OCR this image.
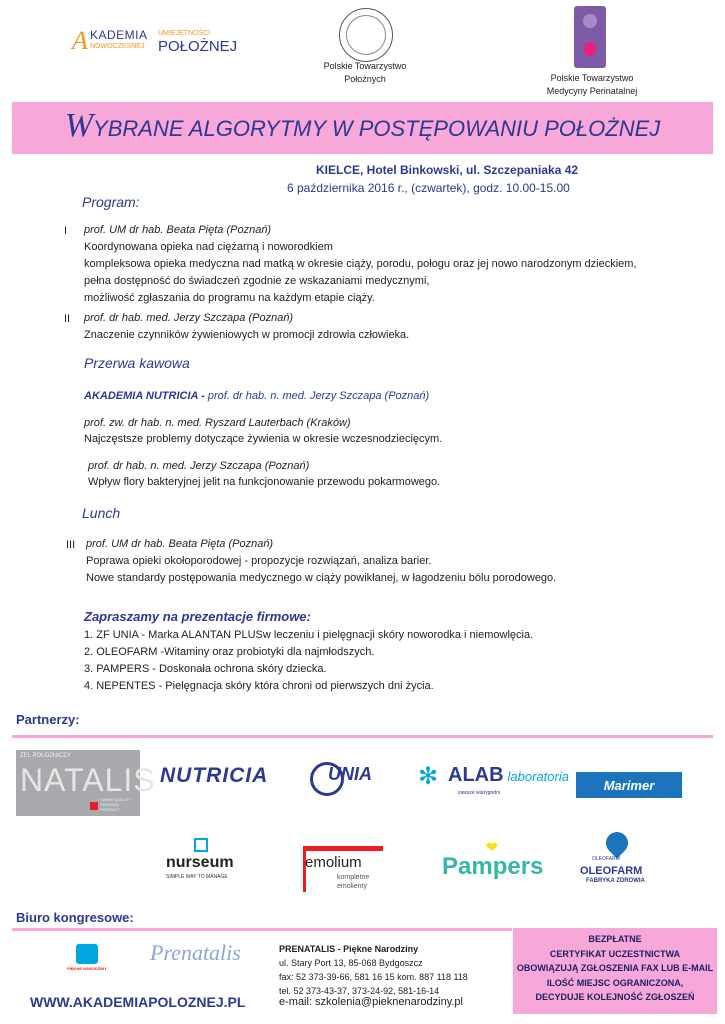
A KADEMIA UMIEJĘTNOŚCI
NOWOCZESNEJ POŁOŻNEJ
Polskie Towarzystwo
Położnych	Polskie Towarzystwo
Medycyny Perinatalnej
WYBRANE ALGORYTMY W POSTĘPOWANIU POŁOŻNEJ
KIELCE, Hotel Binkowski, ul. Szczepaniaka 42
6 października 2016 r., (czwartek), godz. 10.00-15.00
Program:
I prof. UM dr hab. Beata Pięta (Poznań)
Koordynowana opieka nad ciężarną i noworodkiem
kompleksowa opieka medyczna nad matką w okresie ciąży, porodu, połogu oraz jej nowo narodzonym dzieckiem,
pełna dostępność do świadczeń zgodnie ze wskazaniami medycznymi,
możliwość zgłaszania do programu na każdym etapie ciąży.
II prof. dr hab. med. Jerzy Szczapa (Poznań)
Znaczenie czynników żywieniowych w promocji zdrowia człowieka.
Przerwa kawowa
AKADEMIA NUTRICIA - prof. dr hab. n. med. Jerzy Szczapa (Poznań)
prof. zw. dr hab. n. med. Ryszard Lauterbach (Kraków)
Najczęstsze problemy dotyczące żywienia w okresie wczesnodziecięcym.
prof. dr hab. n. med. Jerzy Szczapa (Poznań)
Wpływ flory bakteryjnej jelit na funkcjonowanie przewodu pokarmowego.
Lunch
III prof. UM dr hab. Beata Pięta (Poznań)
Poprawa opieki okołoporodowej - propozycje rozwiązań, analiza barier.
Nowe standardy postępowania medycznego w ciąży powikłanej, w łagodzeniu bólu porodowego.
Zapraszamy na prezentacje firmowe:
1. ZF UNIA - Marka ALANTAN PLUSw leczeniu i pielęgnacji skóry noworodka i niemowlęcia.
2. OLEOFARM -Witaminy oraz probiotyki dla najmłodszych.
3. PAMPERS - Doskonała ochrona skóry dziecka.
4. NEPENTES - Pielęgnacja skóry która chroni od pierwszych dni życia.
Partnerzy:
ŻEL POŁOŻNICZY
NATALIS
SWISS QUALITY PREMIUM PRODUCT
NUTRICIA	UNIA ✻ ALAB laboratoria
zawsze wiarygodni
Marimer
nurseum
SIMPLE WAY TO MANAGE
emolium
kompletne
emolienty
❤
Pampers	OLEOFARM
OLEOFARM
FABRYKA ZDROWIA
Biuro kongresowe:
PIĘKNE NARODZINY
Prenatalis	PRENATALIS - Piękne Narodziny
ul. Stary Port 13, 85-068 Bydgoszcz
fax: 52 373-39-66, 581 16 15 kom. 887 118 118
tel. 52 373-43-37, 373-24-92, 581-16-14
e-mail: szkolenia@pieknenarodziny.pl
WWW.AKADEMIAPOLOZNEJ.PL
BEZPŁATNE
CERTYFIKAT UCZESTNICTWA
OBOWIĄZUJĄ ZGŁOSZENIA FAX LUB E-MAIL
ILOŚĆ MIEJSC OGRANICZONA,
DECYDUJE KOLEJNOŚĆ ZGŁOSZEŃ
